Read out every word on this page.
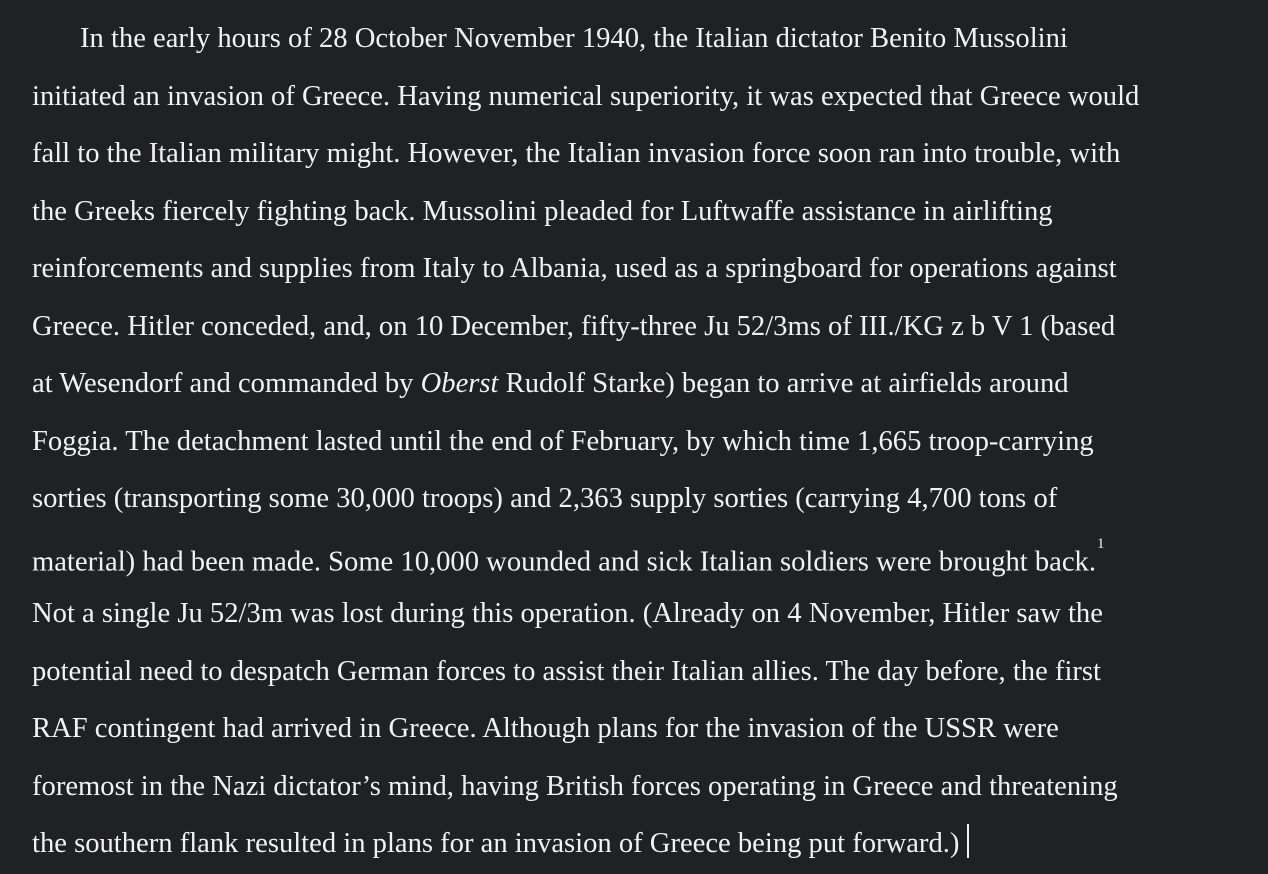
In the early hours of 28 October November 1940, the Italian dictator Benito Mussolini
initiated an invasion of Greece. Having numerical superiority, it was expected that Greece would
fall to the Italian military might. However, the Italian invasion force soon ran into trouble, with
the Greeks fiercely fighting back. Mussolini pleaded for Luftwaffe assistance in airlifting
reinforcements and supplies from Italy to Albania, used as a springboard for operations against
Greece. Hitler conceded, and, on 10 December, fifty-three Ju 52/3ms of III./KG z b V 1 (based
at Wesendorf and commanded by Oberst Rudolf Starke) began to arrive at airfields around
Foggia. The detachment lasted until the end of February, by which time 1,665 troop-carrying
sorties (transporting some 30,000 troops) and 2,363 supply sorties (carrying 4,700 tons of
material) had been made. Some 10,000 wounded and sick Italian soldiers were brought back.$^1$
Not a single Ju 52/3m was lost during this operation. (Already on 4 November, Hitler saw the
potential need to despatch German forces to assist their Italian allies. The day before, the first
RAF contingent had arrived in Greece. Although plans for the invasion of the USSR were
foremost in the Nazi dictator’s mind, having British forces operating in Greece and threatening
the southern flank resulted in plans for an invasion of Greece being put forward.)
